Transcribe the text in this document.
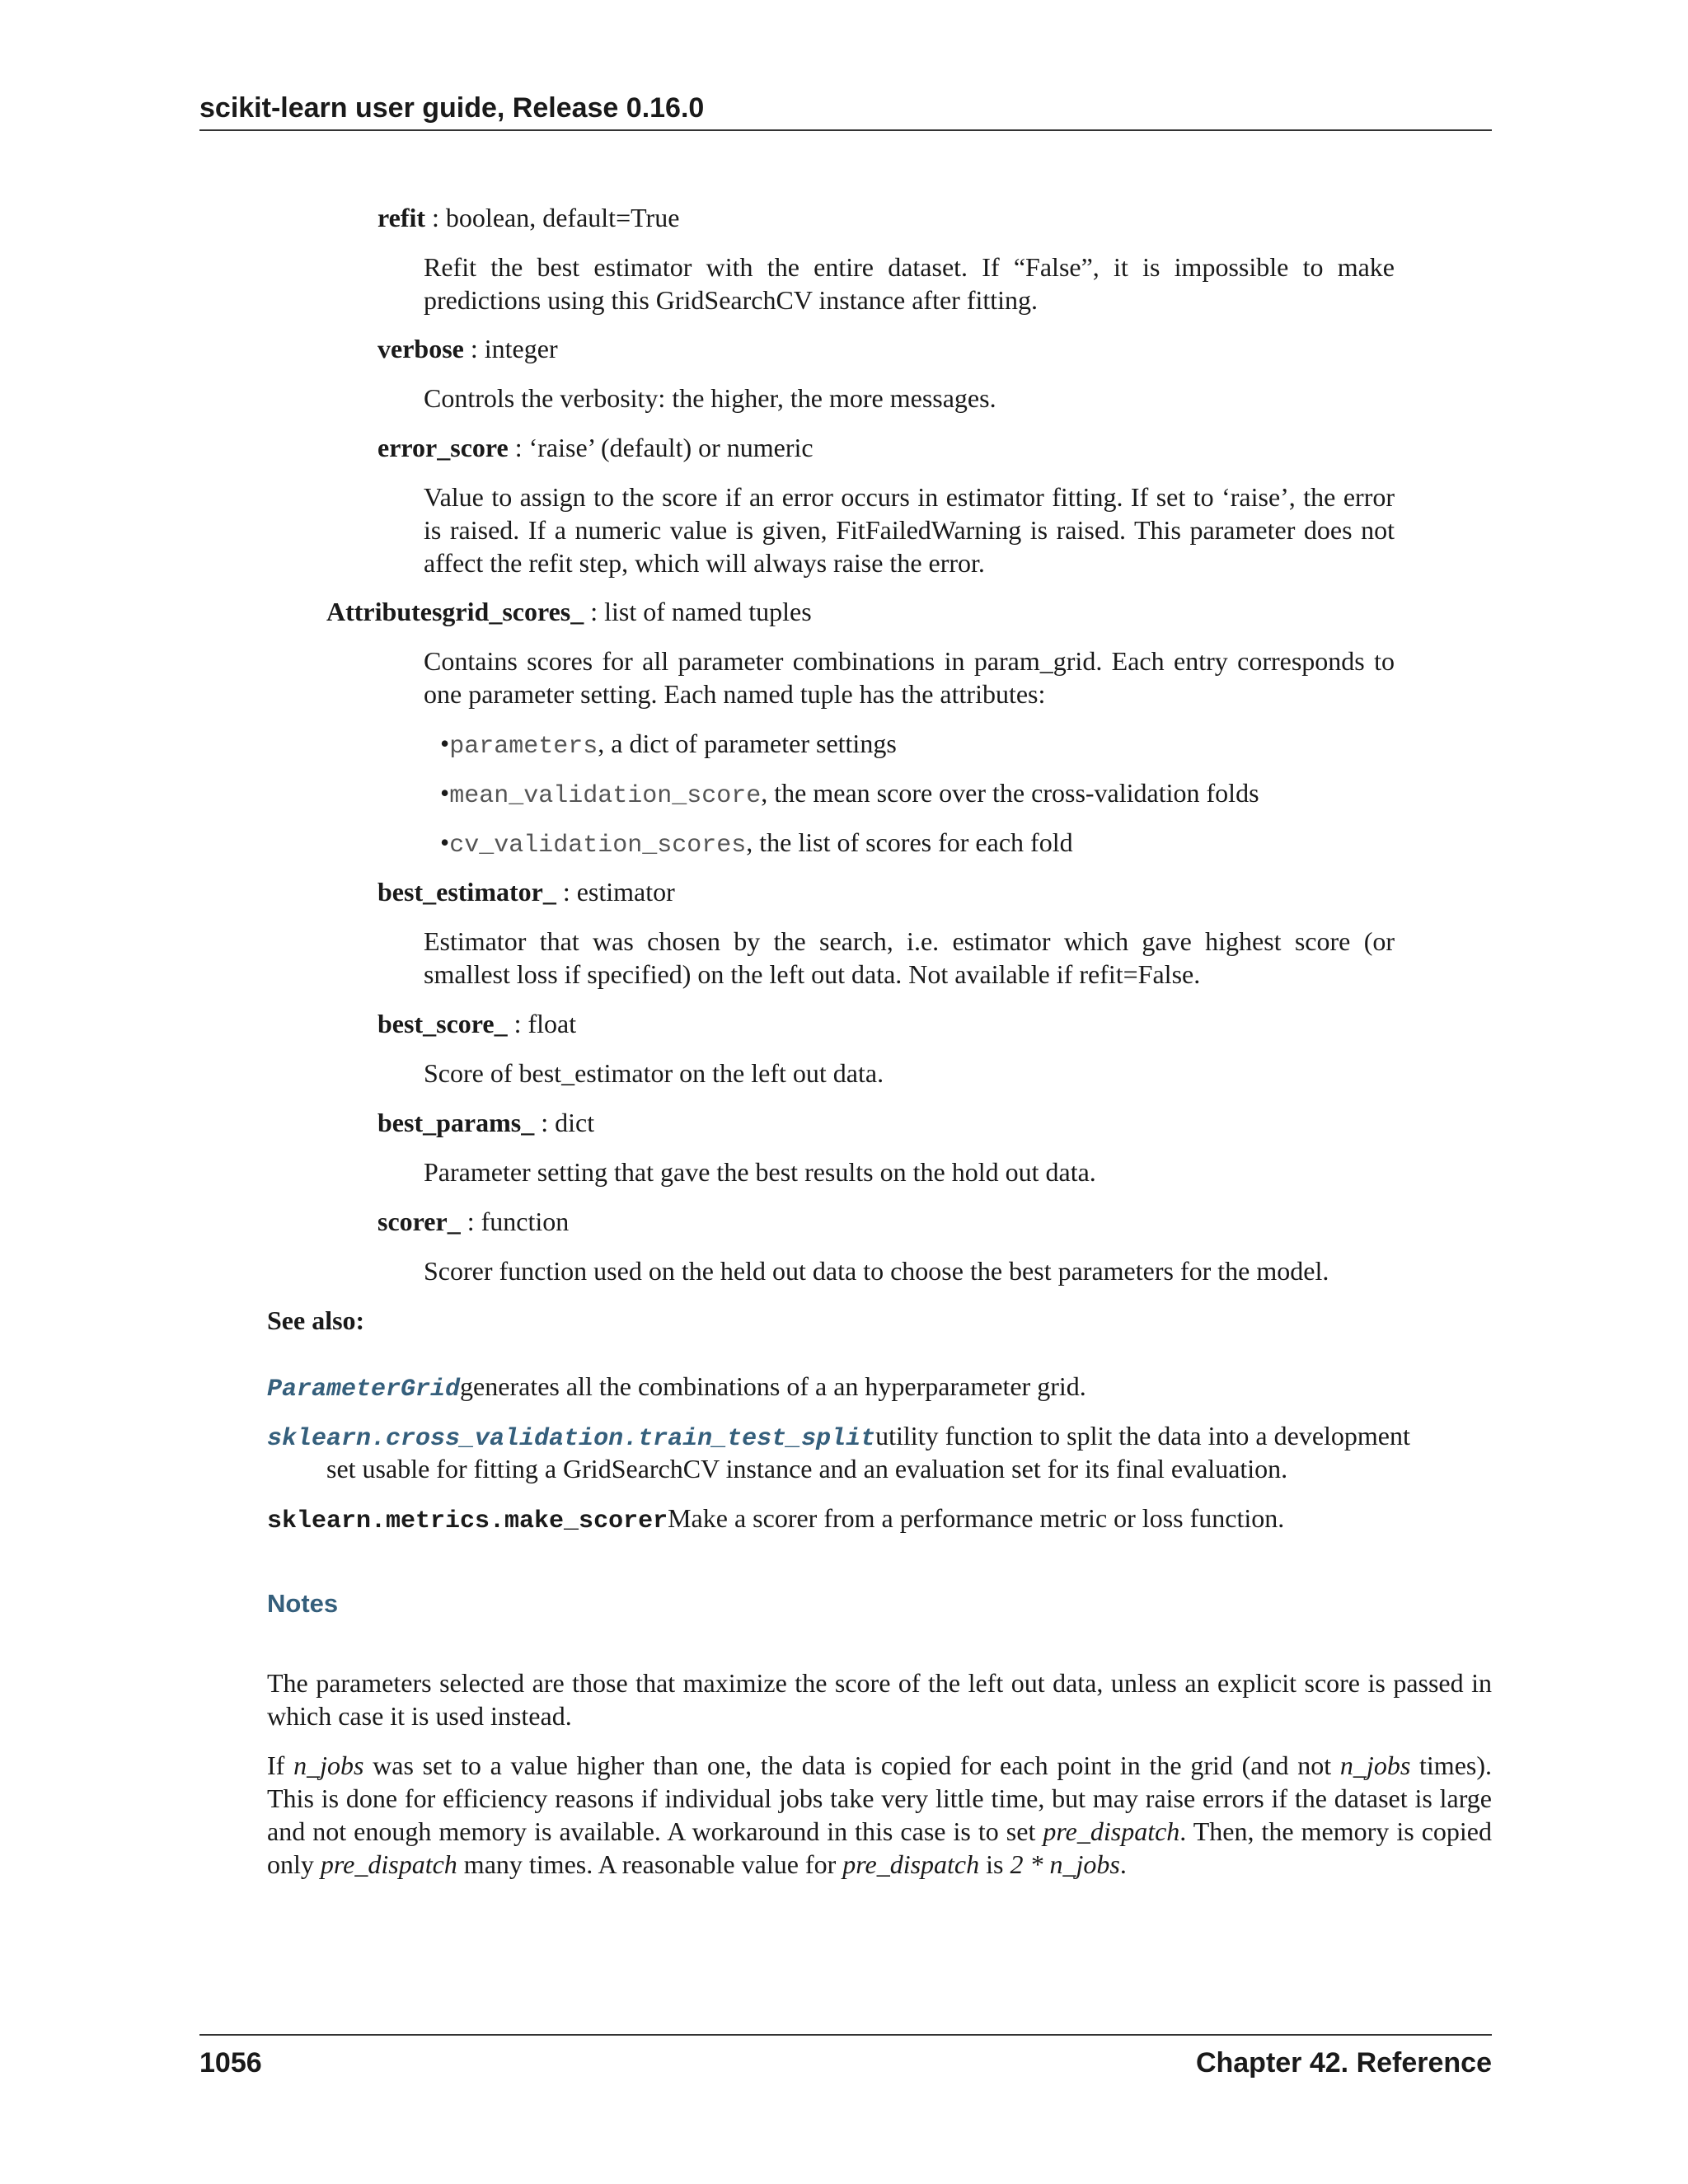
scikit-learn user guide, Release 0.16.0
refit : boolean, default=True
Refit the best estimator with the entire dataset. If “False”, it is impossible to make predictions using this GridSearchCV instance after fitting.
verbose : integer
Controls the verbosity: the higher, the more messages.
error_score : ‘raise’ (default) or numeric
Value to assign to the score if an error occurs in estimator fitting. If set to ‘raise’, the error is raised. If a numeric value is given, FitFailedWarning is raised. This parameter does not affect the refit step, which will always raise the error.
Attributesgrid_scores_ : list of named tuples
Contains scores for all parameter combinations in param_grid. Each entry corresponds to one parameter setting. Each named tuple has the attributes:
•parameters, a dict of parameter settings
•mean_validation_score, the mean score over the cross-validation folds
•cv_validation_scores, the list of scores for each fold
best_estimator_ : estimator
Estimator that was chosen by the search, i.e. estimator which gave highest score (or smallest loss if specified) on the left out data. Not available if refit=False.
best_score_ : float
Score of best_estimator on the left out data.
best_params_ : dict
Parameter setting that gave the best results on the hold out data.
scorer_ : function
Scorer function used on the held out data to choose the best parameters for the model.
See also:
ParameterGridgenerates all the combinations of a an hyperparameter grid.
sklearn.cross_validation.train_test_splitutility function to split the data into a development
set usable for fitting a GridSearchCV instance and an evaluation set for its final evaluation.
sklearn.metrics.make_scorerMake a scorer from a performance metric or loss function.
Notes
The parameters selected are those that maximize the score of the left out data, unless an explicit score is passed in which case it is used instead.
If n_jobs was set to a value higher than one, the data is copied for each point in the grid (and not n_jobs times). This is done for efficiency reasons if individual jobs take very little time, but may raise errors if the dataset is large and not enough memory is available. A workaround in this case is to set pre_dispatch. Then, the memory is copied only pre_dispatch many times. A reasonable value for pre_dispatch is 2 * n_jobs.
1056	Chapter 42. Reference
